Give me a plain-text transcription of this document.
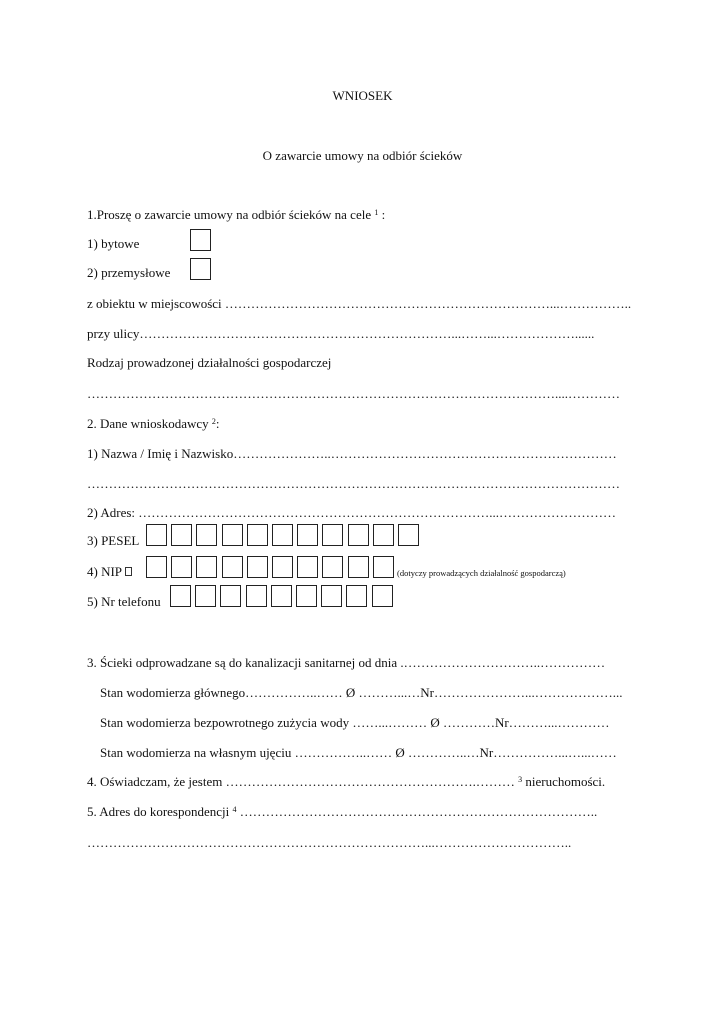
WNIOSEK
O zawarcie umowy na odbiór ścieków
1.Proszę o zawarcie umowy na odbiór ścieków na cele $^1$ :
1) bytowe
2) przemysłowe
z obiektu w miejscowości …………………………………………………………………...……………..
przy ulicy………………………………………………………………...……...………………......
Rodzaj prowadzonej działalności gospodarczej
………………………………………………………………………………………………....…………
2. Dane wnioskodawcy $^2$:
1) Nazwa / Imię i Nazwisko…………………..…………………………………………………………
……………………………………………………………………………………………………………
2) Adres: ………………………………………………………………………...………………………
3) PESEL
4) NIP	(dotyczy prowadzących działalność gospodarczą)
5) Nr telefonu
3. Ścieki odprowadzane są do kanalizacji sanitarnej od dnia .…………………………..……………
Stan wodomierza głównego……………..…… Ø ………...…Nr…………………...………………...
Stan wodomierza bezpowrotnego zużycia wody ……...……… Ø …………Nr………...…………
Stan wodomierza na własnym ujęciu ……………..…… Ø …………..…Nr……………...…...……
4. Oświadczam, że jestem ………………………………………………….……… $^3$ nieruchomości.
5. Adres do korespondencji $^4$ ………………………………………………………………………..
……………………………………………………………………...…………………………..
